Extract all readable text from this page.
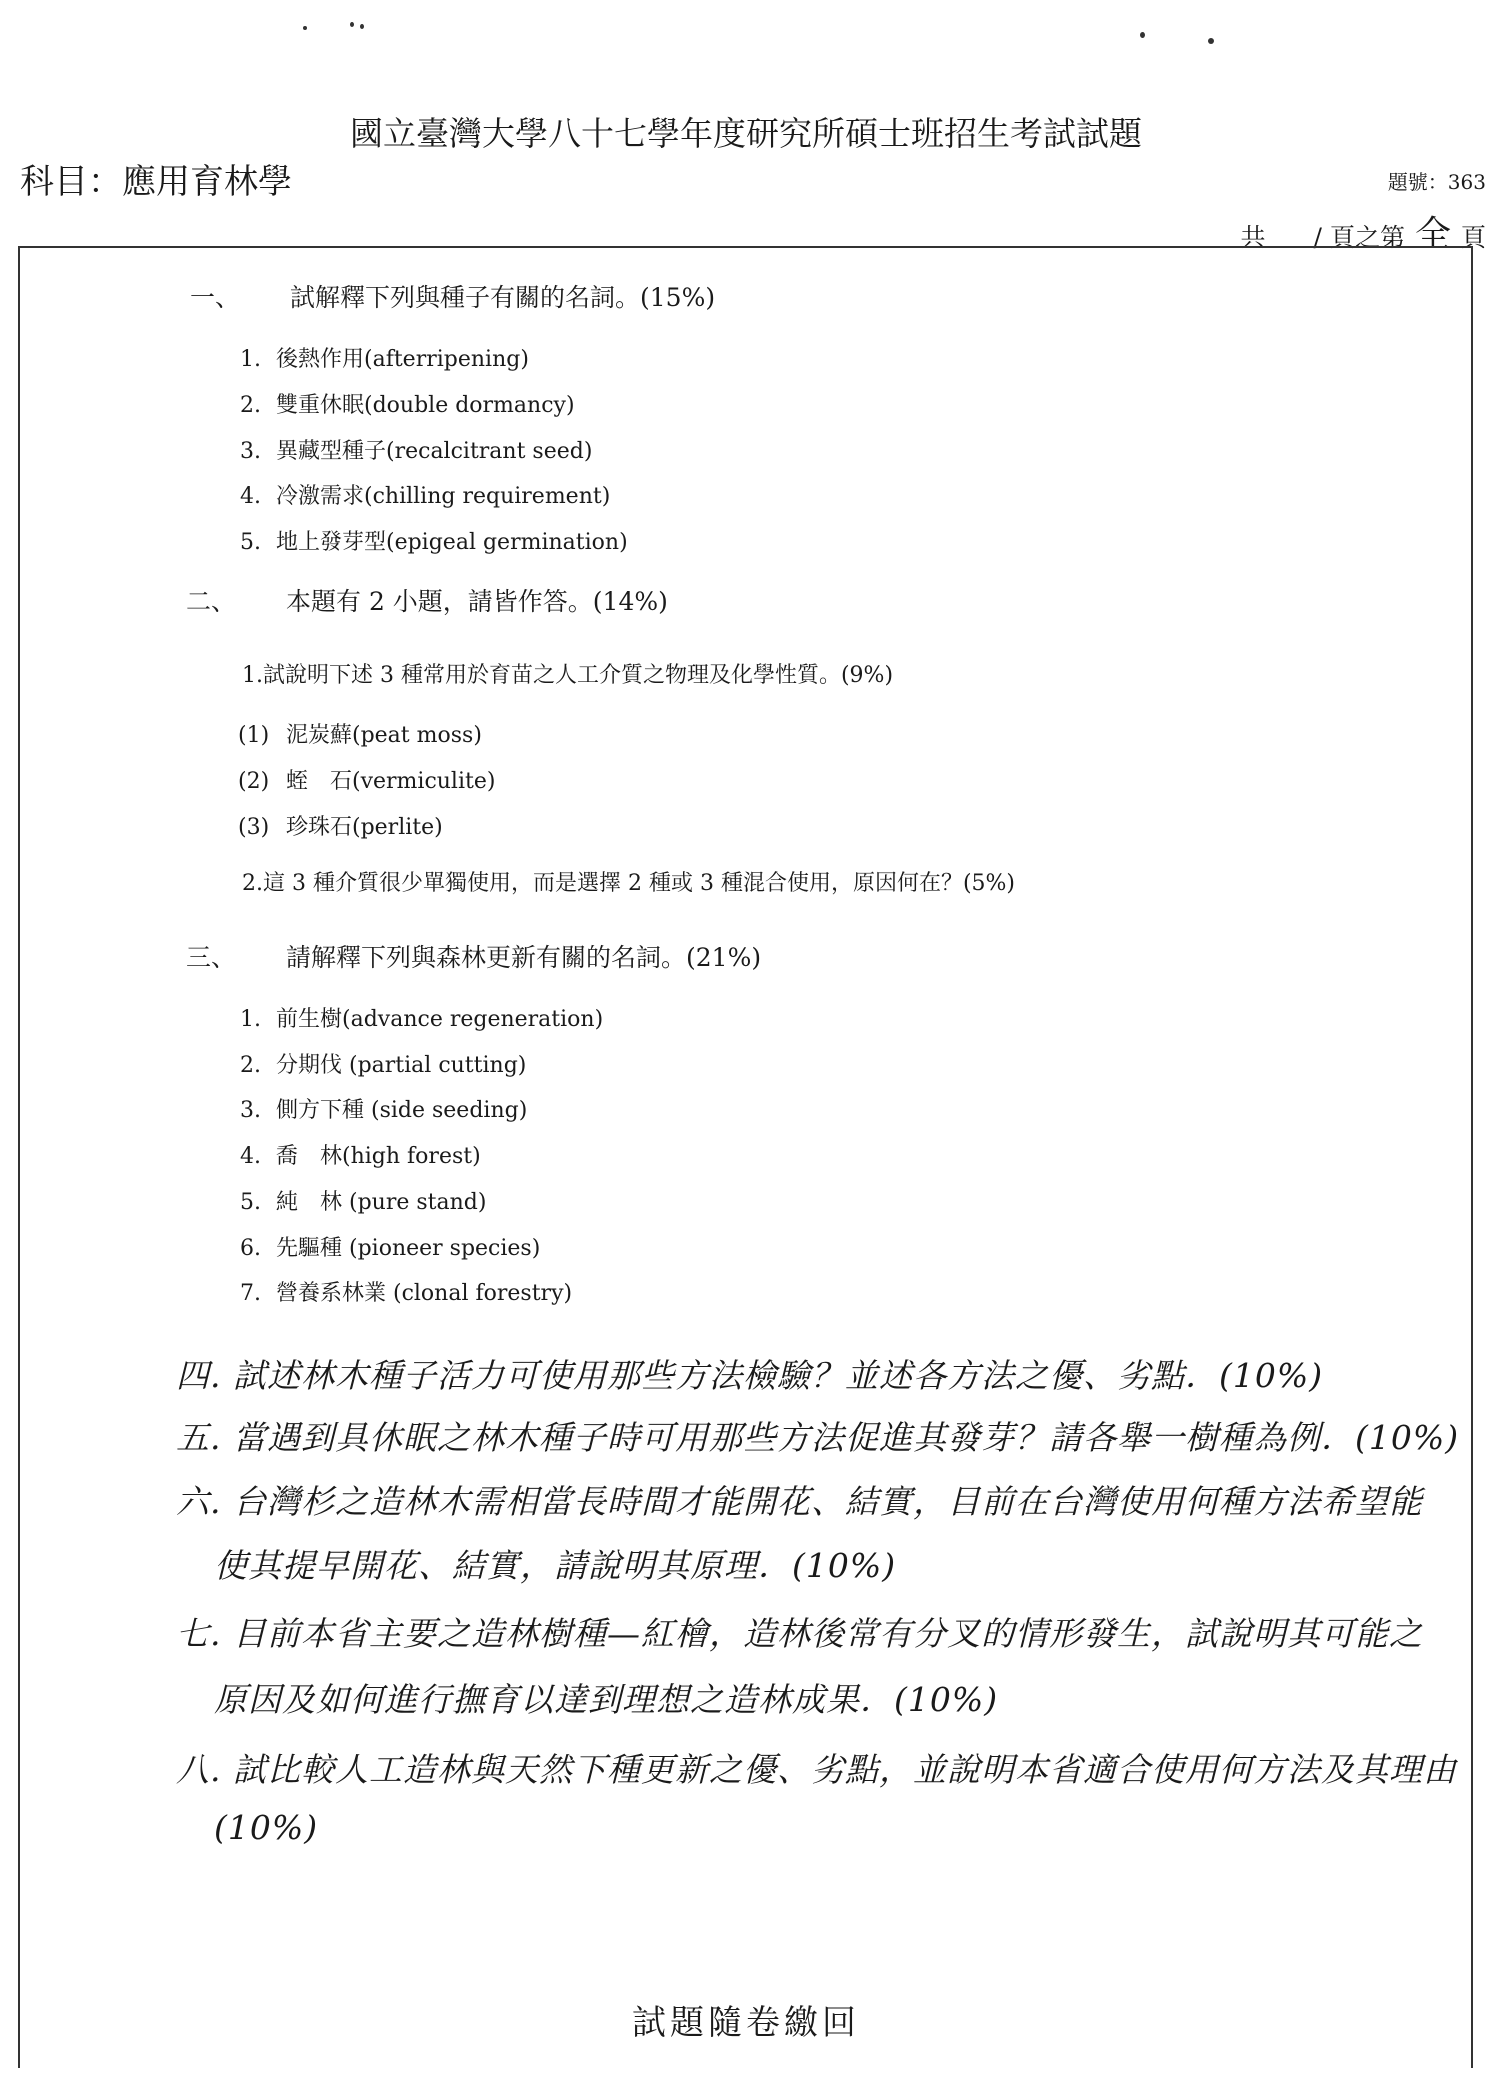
國立臺灣大學八十七學年度研究所碩士班招生考試試題
科目：應用育林學	題號：363
共 / 頁之第 全 頁
一、 試解釋下列與種子有關的名詞。(15%)
1. 後熱作用(afterripening)
2. 雙重休眠(double dormancy)
3. 異藏型種子(recalcitrant seed)
4. 冷激需求(chilling requirement)
5. 地上發芽型(epigeal germination)
二、 本題有 2 小題，請皆作答。(14%)
1.試說明下述 3 種常用於育苗之人工介質之物理及化學性質。(9%)
(1) 泥炭蘚(peat moss)
(2) 蛭　石(vermiculite)
(3) 珍珠石(perlite)
2.這 3 種介質很少單獨使用，而是選擇 2 種或 3 種混合使用，原因何在？(5%)
三、 請解釋下列與森林更新有關的名詞。(21%)
1. 前生樹(advance regeneration)
2. 分期伐 (partial cutting)
3. 側方下種 (side seeding)
4. 喬　林(high forest)
5. 純　林 (pure stand)
6. 先驅種 (pioneer species)
7. 營養系林業 (clonal forestry)
四. 試述林木種子活力可使用那些方法檢驗？並述各方法之優、劣點．(10%)
五. 當遇到具休眠之林木種子時可用那些方法促進其發芽？請各舉一樹種為例．(10%)
六. 台灣杉之造林木需相當長時間才能開花、結實，目前在台灣使用何種方法希望能
使其提早開花、結實，請說明其原理．(10%)
七. 目前本省主要之造林樹種—紅檜，造林後常有分叉的情形發生，試說明其可能之
原因及如何進行撫育以達到理想之造林成果．(10%)
八. 試比較人工造林與天然下種更新之優、劣點，並說明本省適合使用何方法及其理由
(10%)
試題隨卷繳回
